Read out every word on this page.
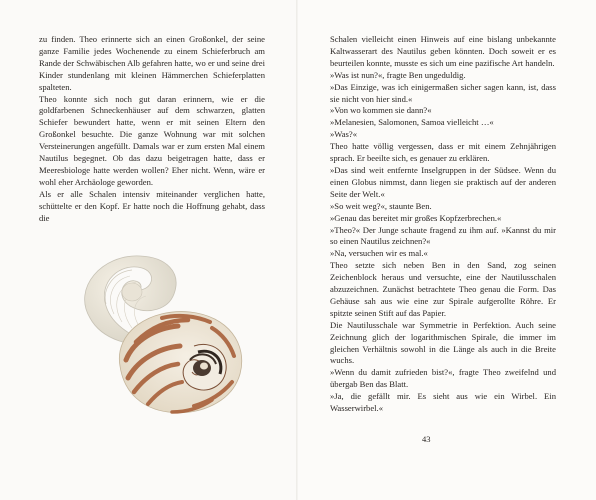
zu finden. Theo erinnerte sich an einen Großonkel, der seine ganze Familie jedes Wochenende zu einem Schieferbruch am Rande der Schwäbischen Alb gefahren hatte, wo er und seine drei Kinder stundenlang mit kleinen Hämmerchen Schieferplatten spalteten.

Theo konnte sich noch gut daran erinnern, wie er die goldfarbenen Schneckenhäuser auf dem schwarzen, glatten Schiefer bewundert hatte, wenn er mit seinen Eltern den Großonkel besuchte. Die ganze Wohnung war mit solchen Versteinerungen angefüllt. Damals war er zum ersten Mal einem Nautilus begegnet. Ob das dazu beigetragen hatte, dass er Meeresbiologe hatte werden wollen? Eher nicht. Wenn, wäre er wohl eher Archäologe geworden.

Als er alle Schalen intensiv miteinander verglichen hatte, schüttelte er den Kopf. Er hatte noch die Hoffnung gehabt, dass die

Schalen vielleicht einen Hinweis auf eine bislang unbekannte Kaltwasserart des Nautilus geben könnten. Doch soweit er es beurteilen konnte, musste es sich um eine pazifische Art handeln.

»Was ist nun?«, fragte Ben ungeduldig.

»Das Einzige, was ich einigermaßen sicher sagen kann, ist, dass sie nicht von hier sind.«

»Von wo kommen sie dann?«

»Melanesien, Salomonen, Samoa vielleicht …«

»Was?«

Theo hatte völlig vergessen, dass er mit einem Zehnjährigen sprach. Er beeilte sich, es genauer zu erklären.

»Das sind weit entfernte Inselgruppen in der Südsee. Wenn du einen Globus nimmst, dann liegen sie praktisch auf der anderen Seite der Welt.«

»So weit weg?«, staunte Ben.

»Genau das bereitet mir großes Kopfzerbrechen.«

»Theo?« Der Junge schaute fragend zu ihm auf. »Kannst du mir so einen Nautilus zeichnen?«

»Na, versuchen wir es mal.«

Theo setzte sich neben Ben in den Sand, zog seinen Zeichenblock heraus und versuchte, eine der Nautilusschalen abzuzeichnen. Zunächst betrachtete Theo genau die Form. Das Gehäuse sah aus wie eine zur Spirale aufgerollte Röhre. Er spitzte seinen Stift auf das Papier.

Die Nautilusschale war Symmetrie in Perfektion. Auch seine Zeichnung glich der logarithmischen Spirale, die immer im gleichen Verhältnis sowohl in die Länge als auch in die Breite wuchs.

»Wenn du damit zufrieden bist?«, fragte Theo zweifelnd und übergab Ben das Blatt.

»Ja, die gefällt mir. Es sieht aus wie ein Wirbel. Ein Wasserwirbel.«

43
